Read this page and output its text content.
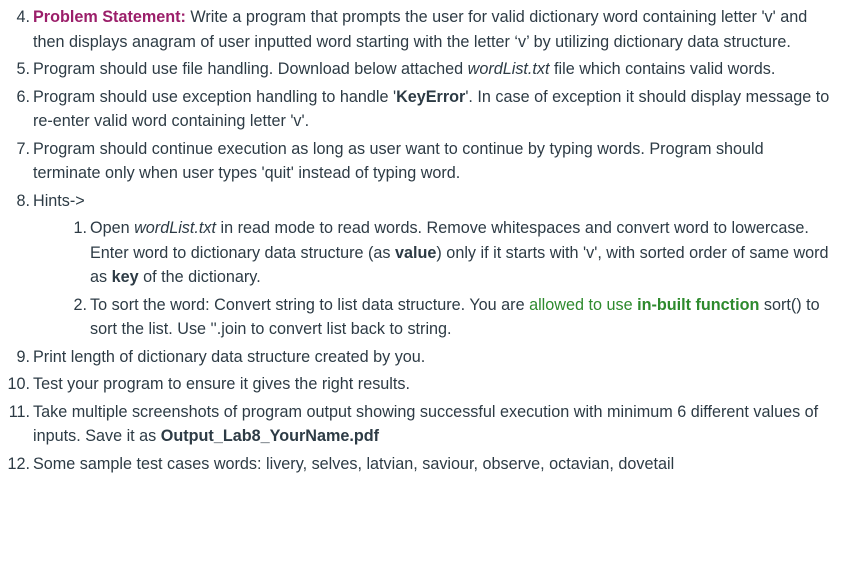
4. Problem Statement: Write a program that prompts the user for valid dictionary word containing letter 'v' and then displays anagram of user inputted word starting with the letter ‘v’ by utilizing dictionary data structure.
5. Program should use file handling. Download below attached wordList.txt file which contains valid words.
6. Program should use exception handling to handle 'KeyError'. In case of exception it should display message to re-enter valid word containing letter 'v'.
7. Program should continue execution as long as user want to continue by typing words. Program should terminate only when user types 'quit' instead of typing word.
8. Hints->
1. Open wordList.txt in read mode to read words. Remove whitespaces and convert word to lowercase. Enter word to dictionary data structure (as value) only if it starts with 'v', with sorted order of same word as key of the dictionary.
2. To sort the word: Convert string to list data structure. You are allowed to use in-built function sort() to sort the list. Use ''.join to convert list back to string.
9. Print length of dictionary data structure created by you.
10. Test your program to ensure it gives the right results.
11. Take multiple screenshots of program output showing successful execution with minimum 6 different values of inputs. Save it as Output_Lab8_YourName.pdf
12. Some sample test cases words: livery, selves, latvian, saviour, observe, octavian, dovetail
